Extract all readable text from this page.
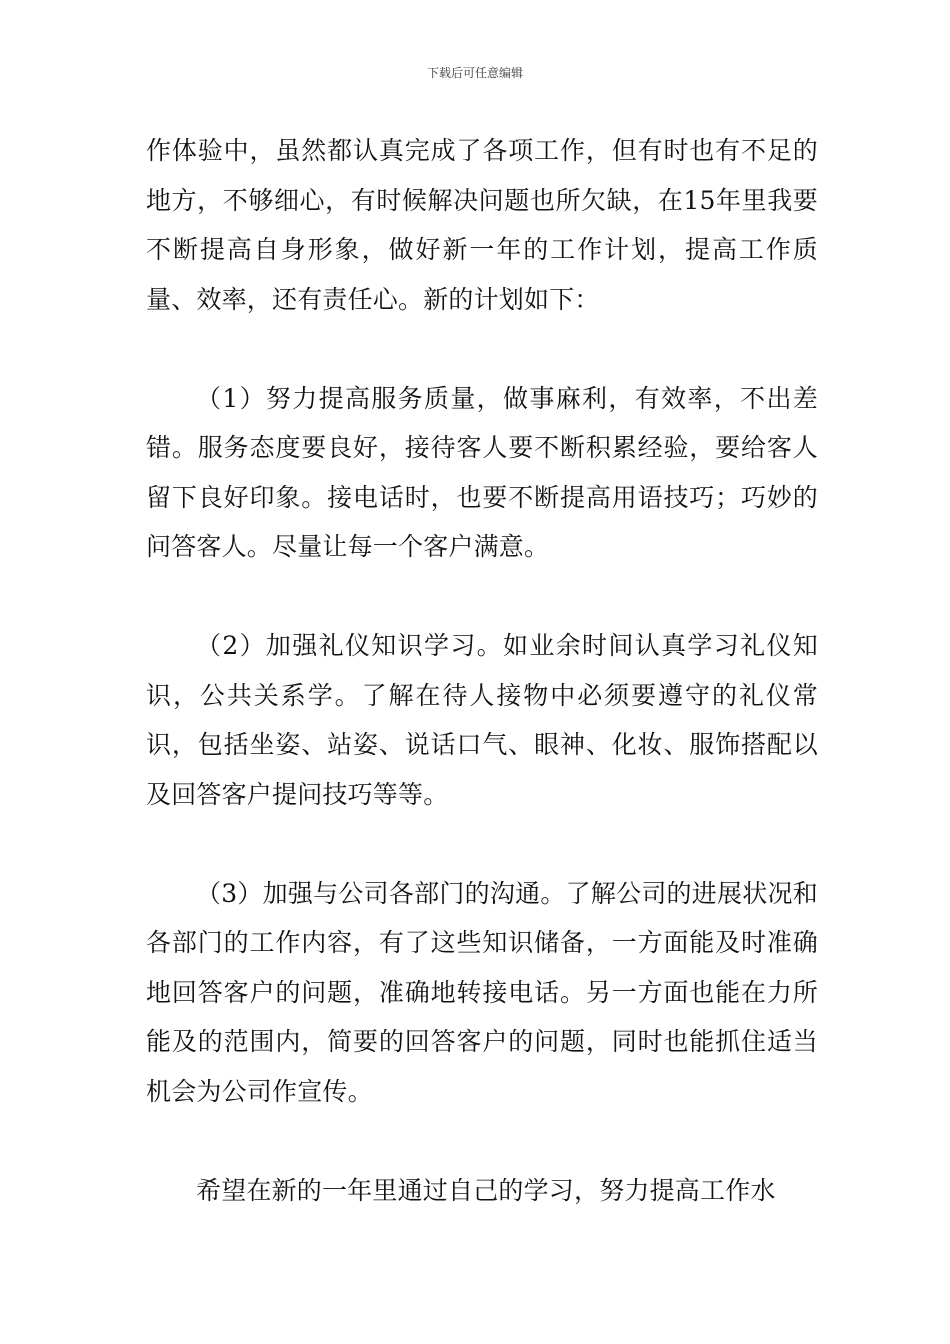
下载后可任意编辑

作体验中，虽然都认真完成了各项工作，但有时也有不足的地方，不够细心，有时候解决问题也所欠缺，在15年里我要不断提高自身形象，做好新一年的工作计划，提高工作质量、效率，还有责任心。新的计划如下：

（1）努力提高服务质量，做事麻利，有效率，不出差错。服务态度要良好，接待客人要不断积累经验，要给客人留下良好印象。接电话时，也要不断提高用语技巧；巧妙的问答客人。尽量让每一个客户满意。

（2）加强礼仪知识学习。如业余时间认真学习礼仪知识，公共关系学。了解在待人接物中必须要遵守的礼仪常识，包括坐姿、站姿、说话口气、眼神、化妆、服饰搭配以及回答客户提问技巧等等。

（3）加强与公司各部门的沟通。了解公司的进展状况和各部门的工作内容，有了这些知识储备，一方面能及时准确地回答客户的问题，准确地转接电话。另一方面也能在力所能及的范围内，简要的回答客户的问题，同时也能抓住适当机会为公司作宣传。

希望在新的一年里通过自己的学习，努力提高工作水
